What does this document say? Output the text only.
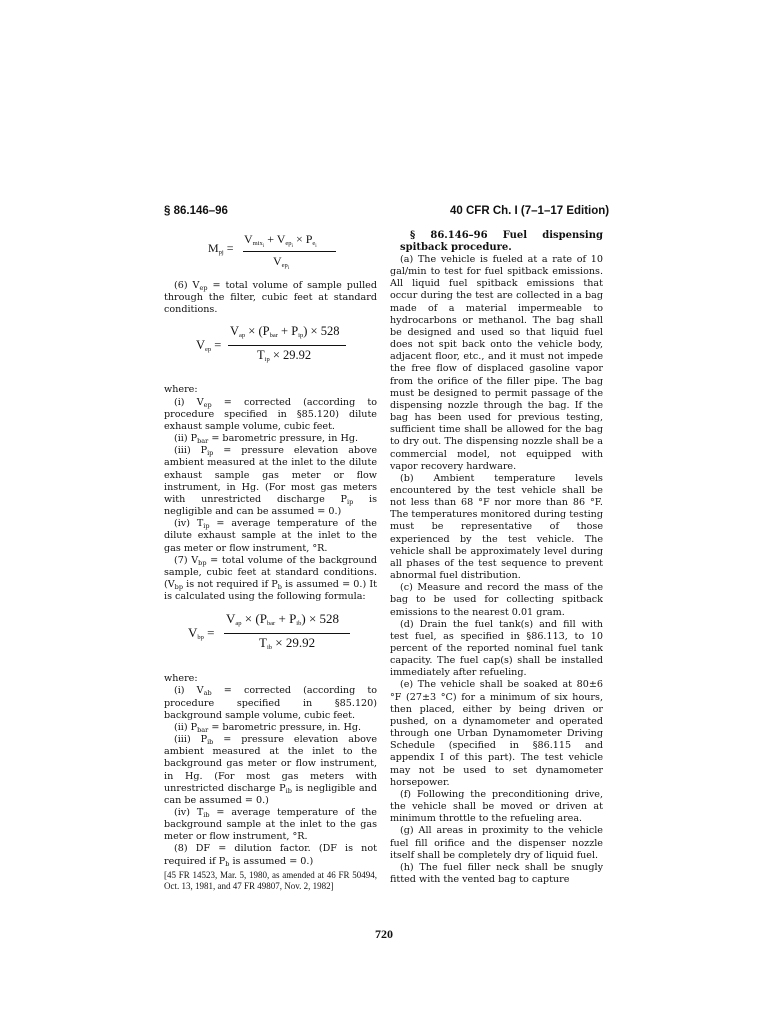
§ 86.146–96	40 CFR Ch. I (7–1–17 Edition)
$M_{pj}$ =
$V_{mix_i} + V_{ep_i} \times P_{e_i}$
$V_{ep_i}$

(6) $V_{ep}$ = total volume of sample pulled through the filter, cubic feet at standard conditions.

$V_{ep}$ =
$V_{ap} \times (P_{bar} + P_{ip}) \times 528$
$T_{ip} \times 29.92$

where:

(i) $V_{ep}$ = corrected (according to procedure specified in §85.120) dilute exhaust sample volume, cubic feet.

(ii) $P_{bar}$ = barometric pressure, in Hg.

(iii) $P_{ip}$ = pressure elevation above ambient measured at the inlet to the dilute exhaust sample gas meter or flow instrument, in Hg. (For most gas meters with unrestricted discharge $P_{ip}$ is negligible and can be assumed = 0.)

(iv) $T_{ip}$ = average temperature of the dilute exhaust sample at the inlet to the gas meter or flow instrument, °R.

(7) $V_{bp}$ = total volume of the background sample, cubic feet at standard conditions. ($V_{bp}$ is not required if $P_b$ is assumed = 0.) It is calculated using the following formula:

$V_{bp}$ =
$V_{ap} \times (P_{bar} + P_{ib}) \times 528$
$T_{ib} \times 29.92$

where:

(i) $V_{ab}$ = corrected (according to procedure specified in §85.120) background sample volume, cubic feet.

(ii) $P_{bar}$ = barometric pressure, in. Hg.

(iii) $P_{ib}$ = pressure elevation above ambient measured at the inlet to the background gas meter or flow instrument, in Hg. (For most gas meters with unrestricted discharge $P_{ib}$ is negligible and can be assumed = 0.)

(iv) $T_{ib}$ = average temperature of the background sample at the inlet to the gas meter or flow instrument, °R.

(8) DF = dilution factor. (DF is not required if $P_b$ is assumed = 0.)

[45 FR 14523, Mar. 5, 1980, as amended at 46 FR 50494, Oct. 13, 1981, and 47 FR 49807, Nov. 2, 1982]

§ 86.146–96 Fuel dispensing spitback procedure.

(a) The vehicle is fueled at a rate of 10 gal/min to test for fuel spitback emissions. All liquid fuel spitback emissions that occur during the test are collected in a bag made of a material impermeable to hydrocarbons or methanol. The bag shall be designed and used so that liquid fuel does not spit back onto the vehicle body, adjacent floor, etc., and it must not impede the free flow of displaced gasoline vapor from the orifice of the filler pipe. The bag must be designed to permit passage of the dispensing nozzle through the bag. If the bag has been used for previous testing, sufficient time shall be allowed for the bag to dry out. The dispensing nozzle shall be a commercial model, not equipped with vapor recovery hardware.

(b) Ambient temperature levels encountered by the test vehicle shall be not less than 68 °F nor more than 86 °F. The temperatures monitored during testing must be representative of those experienced by the test vehicle. The vehicle shall be approximately level during all phases of the test sequence to prevent abnormal fuel distribution.

(c) Measure and record the mass of the bag to be used for collecting spitback emissions to the nearest 0.01 gram.

(d) Drain the fuel tank(s) and fill with test fuel, as specified in §86.113, to 10 percent of the reported nominal fuel tank capacity. The fuel cap(s) shall be installed immediately after refueling.

(e) The vehicle shall be soaked at 80±6 °F (27±3 °C) for a minimum of six hours, then placed, either by being driven or pushed, on a dynamometer and operated through one Urban Dynamometer Driving Schedule (specified in §86.115 and appendix I of this part). The test vehicle may not be used to set dynamometer horsepower.

(f) Following the preconditioning drive, the vehicle shall be moved or driven at minimum throttle to the refueling area.

(g) All areas in proximity to the vehicle fuel fill orifice and the dispenser nozzle itself shall be completely dry of liquid fuel.

(h) The fuel filler neck shall be snugly fitted with the vented bag to capture

720
